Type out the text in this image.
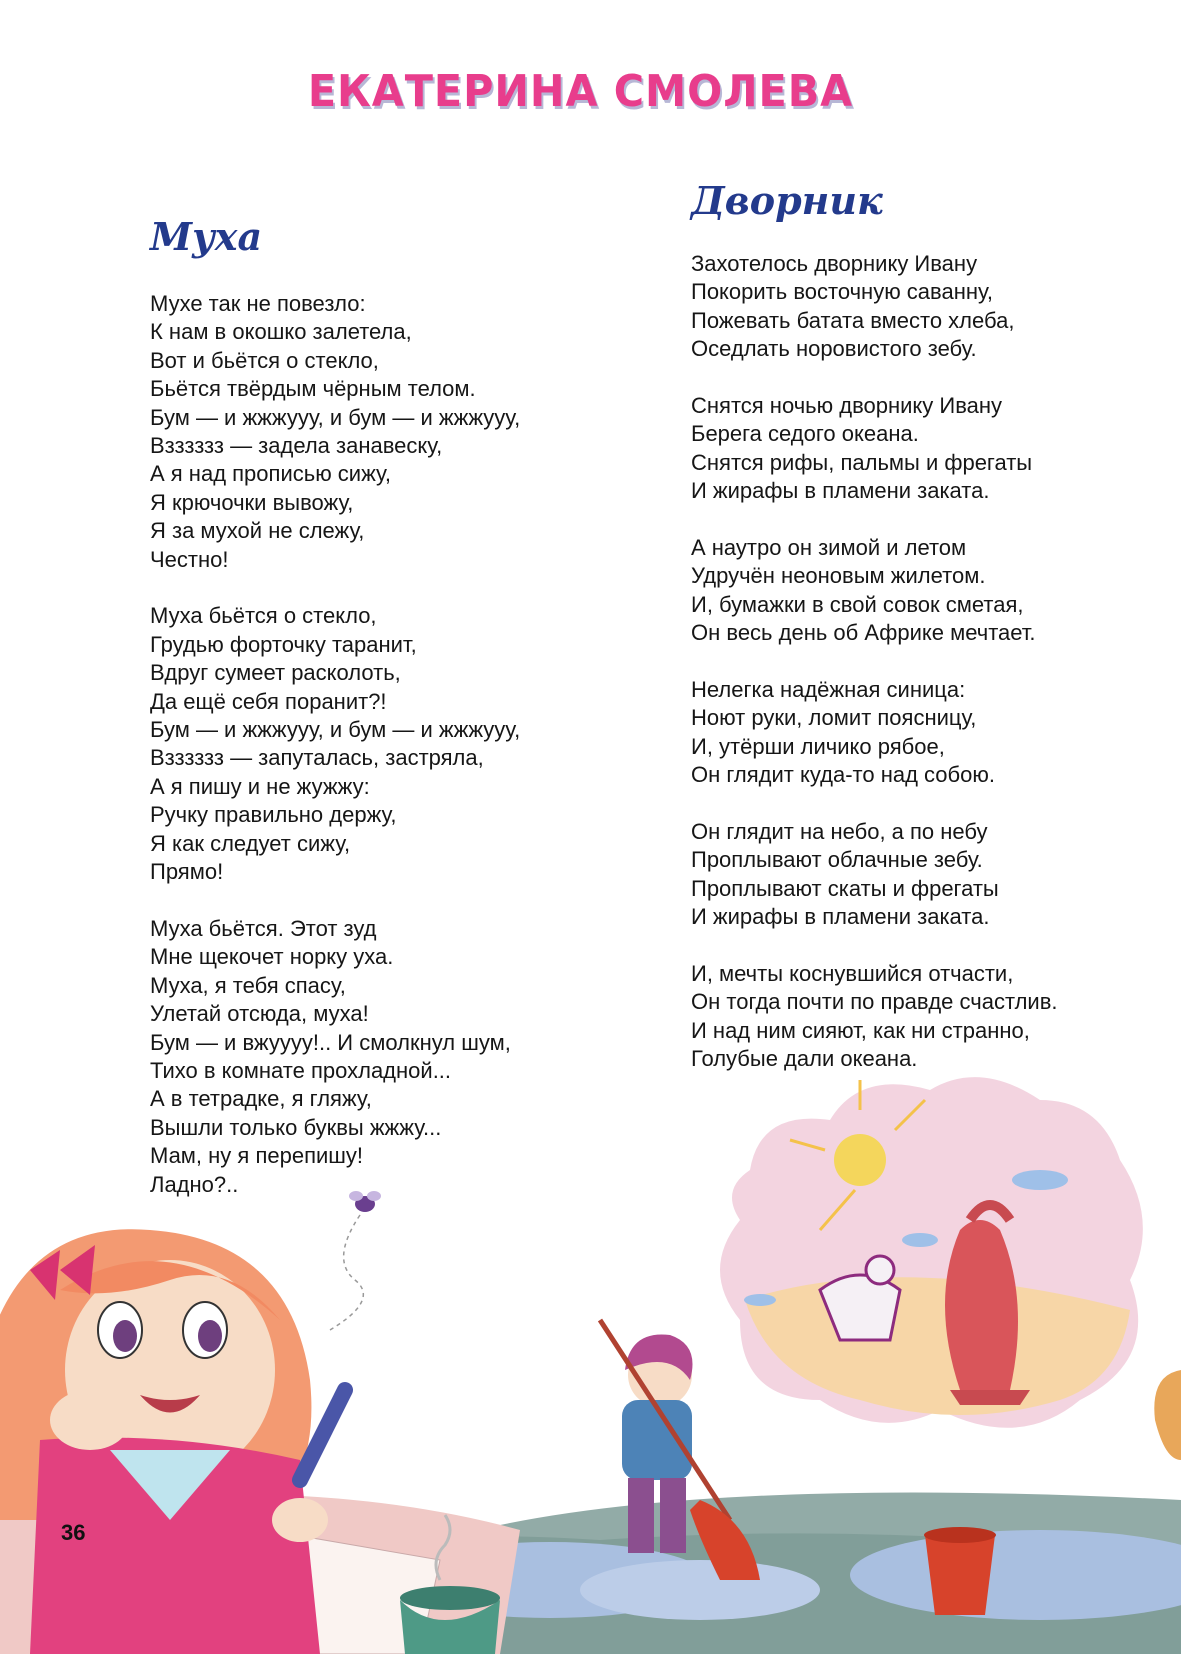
ЕКАТЕРИНА СМОЛЕВА
Муха
Мухе так не повезло:
К нам в окошко залетела,
Вот и бьётся о стекло,
Бьётся твёрдым чёрным телом.
Бум — и жжжууу, и бум — и жжжууу,
Взззззз — задела занавеску,
А я над прописью сижу,
Я крючочки вывожу,
Я за мухой не слежу,
Честно!
Муха бьётся о стекло,
Грудью форточку таранит,
Вдруг сумеет расколоть,
Да ещё себя поранит?!
Бум — и жжжууу, и бум — и жжжууу,
Взззззз — запуталась, застряла,
А я пишу и не жужжу:
Ручку правильно держу,
Я как следует сижу,
Прямо!
Муха бьётся. Этот зуд
Мне щекочет норку уха.
Муха, я тебя спасу,
Улетай отсюда, муха!
Бум — и вжуууу!.. И смолкнул шум,
Тихо в комнате прохладной...
А в тетрадке, я гляжу,
Вышли только буквы жжжу...
Мам, ну я перепишу!
Ладно?..
Дворник
Захотелось дворнику Ивану
Покорить восточную саванну,
Пожевать батата вместо хлеба,
Оседлать норовистого зебу.
Снятся ночью дворнику Ивану
Берега седого океана.
Снятся рифы, пальмы и фрегаты
И жирафы в пламени заката.
А наутро он зимой и летом
Удручён неоновым жилетом.
И, бумажки в свой совок сметая,
Он весь день об Африке мечтает.
Нелегка надёжная синица:
Ноют руки, ломит поясницу,
И, утёрши личико рябое,
Он глядит куда-то над собою.
Он глядит на небо, а по небу
Проплывают облачные зебу.
Проплывают скаты и фрегаты
И жирафы в пламени заката.
И, мечты коснувшийся отчасти,
Он тогда почти по правде счастлив.
И над ним сияют, как ни странно,
Голубые дали океана.
36
